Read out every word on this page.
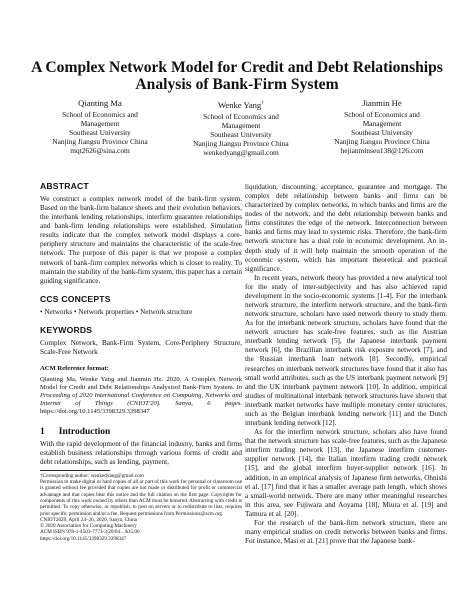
A Complex Network Model for Credit and Debt Relationships
Analysis of Bank-Firm System
Qianting Ma
School of Economics and
Management
Southeast University
Nanjing Jiangsu Province China
mqt2626@sina.com
Wenke Yang†
School of Economics and
Management
Southeast University
Nanjing Jiangsu Province China
wenkedyang@gmail.com
Jianmin He
School of Economics and
Management
Southeast University
Nanjing Jiangsu Province China
hejianminseu138@126.com
ABSTRACT

We construct a complex network model of the bank-firm system. Based on the bank-firm balance sheets and their evolution behaviors, the interbank lending relationships, interfirm guarantee relationships and bank-firm lending relationships were established. Simulation results indicate that the complex network model displays a core-periphery structure and maintains the characteristic of the scale-free network. The purpose of this paper is that we propose a complex network of bank-firm complex networks which is closer to reality. To maintain the stability of the bank-firm system, this paper has a certain guiding significance.

CCS CONCEPTS

• Networks • Network properties • Network structure

KEYWORDS

Complex Network, Bank-Firm System, Core-Periphery Structure, Scale-Free Network

ACM Reference format:

Qianting Ma, Wenke Yang and Jianmin He. 2020. A Complex Network Model for Credit and Debt Relationships Analysisof Bank-Firm System. In Proceeding of 2020 International Conference on Computing, Networks and Internet of Things (CNIOT'20). Sanya, 6 pages. https://doi.org/10.1145/3398329.3398347

1 Introduction

With the rapid development of the financial industry, banks and firms establish business relationships through various forms of credit and debt relationships, such as lending, payment,

†Corresponding author: wenkedyang@gmail.com
Permission to make digital or hard copies of all or part of this work for personal or classroom use is granted without fee provided that copies are not made or distributed for profit or commercial advantage and that copies bear this notice and the full citation on the first page. Copyrights for components of this work owned by others than ACM must be honored. Abstracting with credit is permitted. To copy otherwise, or republish, to post on servers or to redistribute to lists, requires prior specific permission and/or a fee. Request permissions from Permissions@acm.org.
CNIOT2020, April 24–26, 2020, Sanya, China
© 2020 Association for Computing Machinery
ACM ISBN 978-1-4503-7771-3/20/04…$15.00
https://doi.org/10.1145/3398329.3398347

liquidation, discounting, acceptance, guarantee and mortgage. The complex debt relationship between banks and firms can be characterized by complex networks, in which banks and firms are the nodes of the network, and the debt relationship between banks and firms constitutes the edge of the network. Interconnection between banks and firms may lead to systemic risks. Therefore, the bank-firm network structure has a dual role in economic development. An in-depth study of it will help maintain the smooth operation of the economic system, which has important theoretical and practical significance.

In recent years, network theory has provided a new analytical tool for the study of inter-subjectivity and has also achieved rapid development in the socio-economic systems [1-4]. For the interbank network structure, the interfirm network structure, and the bank-firm network structure, scholars have used network theory to study them. As for the interbank network structure, scholars have found that the network structure has scale-free features, such as the Austrian interbank lending network [5], the Japanese interbank payment network [6], the Brazilian interbank risk exposure network [7], and the Russian interbank loan network [8]. Secondly, empirical researches on interbank network structures have found that it also has small world attributes, such as the US interbank payment network [9] and the UK interbank payment network [10]. In addition, empirical studies of multinational interbank network structures have shown that interbank market networks have multiple monetary center structures, such as the Belgian interbank lending network [11] and the Dutch interbank lending network [12].

As for the interfirm network structure, scholars also have found that the network structure has scale-free features, such as the Japanese interfirm trading network [13], the Japanese interfirm customer-supplier network [14], the Italian interfirm trading credit network [15], and the global interfirm buyer-supplier network [16]. In addition, in an empirical analysis of Japanese firm networks, Ohnishi et al. [17] find that it has a smaller average path length, which shows a small-world network. There are many other meaningful researches in this area, see Fujiwara and Aoyama [18], Miura et al. [19] and Tamura et al. [20].

For the research of the bank-firm network structure, there are many empirical studies on credit networks between banks and firms. For instance, Masi et al. [21] prove that the Japanese bank-
